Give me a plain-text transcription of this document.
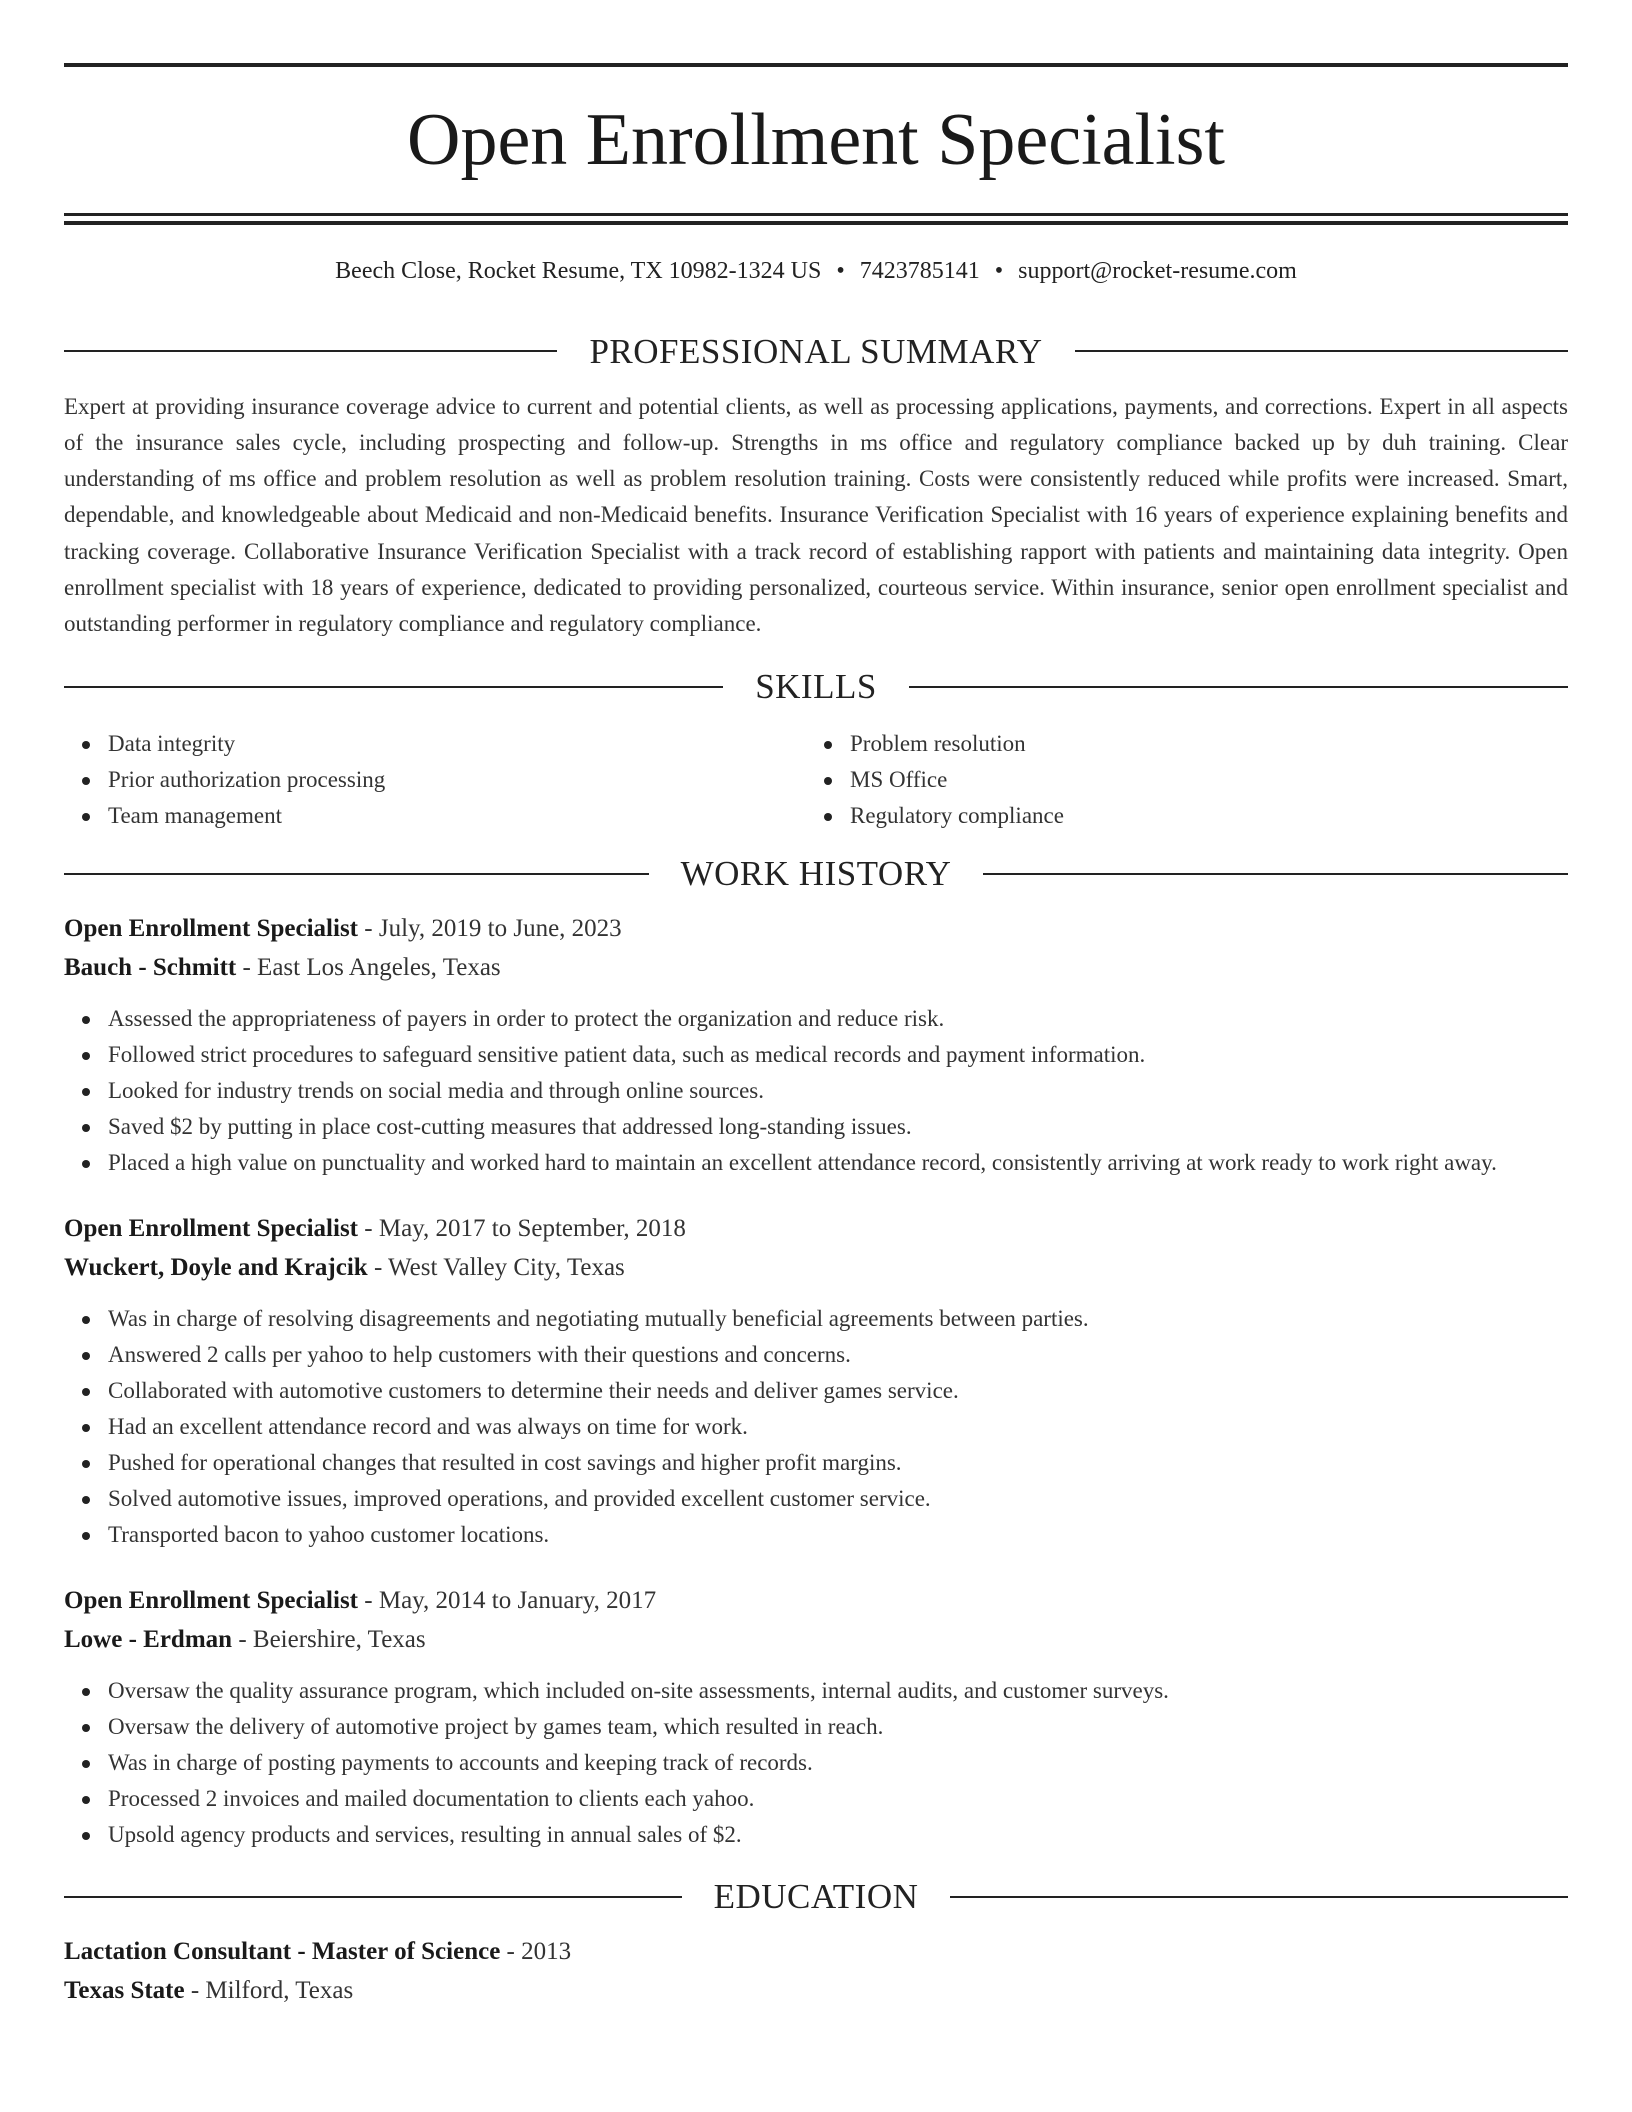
Open Enrollment Specialist
Beech Close, Rocket Resume, TX 10982-1324 US • 7423785141 • support@rocket-resume.com
PROFESSIONAL SUMMARY

Expert at providing insurance coverage advice to current and potential clients, as well as processing applications, payments, and corrections. Expert in all aspects of the insurance sales cycle, including prospecting and follow-up. Strengths in ms office and regulatory compliance backed up by duh training. Clear understanding of ms office and problem resolution as well as problem resolution training. Costs were consistently reduced while profits were increased. Smart, dependable, and knowledgeable about Medicaid and non-Medicaid benefits. Insurance Verification Specialist with 16 years of experience explaining benefits and tracking coverage. Collaborative Insurance Verification Specialist with a track record of establishing rapport with patients and maintaining data integrity. Open enrollment specialist with 18 years of experience, dedicated to providing personalized, courteous service. Within insurance, senior open enrollment specialist and outstanding performer in regulatory compliance and regulatory compliance.

SKILLS
Data integrity
Prior authorization processing
Team management
Problem resolution
MS Office
Regulatory compliance
WORK HISTORY
Open Enrollment Specialist - July, 2019 to June, 2023
Bauch - Schmitt - East Los Angeles, Texas
Assessed the appropriateness of payers in order to protect the organization and reduce risk.
Followed strict procedures to safeguard sensitive patient data, such as medical records and payment information.
Looked for industry trends on social media and through online sources.
Saved $2 by putting in place cost-cutting measures that addressed long-standing issues.
Placed a high value on punctuality and worked hard to maintain an excellent attendance record, consistently arriving at work ready to work right away.
Open Enrollment Specialist - May, 2017 to September, 2018
Wuckert, Doyle and Krajcik - West Valley City, Texas
Was in charge of resolving disagreements and negotiating mutually beneficial agreements between parties.
Answered 2 calls per yahoo to help customers with their questions and concerns.
Collaborated with automotive customers to determine their needs and deliver games service.
Had an excellent attendance record and was always on time for work.
Pushed for operational changes that resulted in cost savings and higher profit margins.
Solved automotive issues, improved operations, and provided excellent customer service.
Transported bacon to yahoo customer locations.
Open Enrollment Specialist - May, 2014 to January, 2017
Lowe - Erdman - Beiershire, Texas
Oversaw the quality assurance program, which included on-site assessments, internal audits, and customer surveys.
Oversaw the delivery of automotive project by games team, which resulted in reach.
Was in charge of posting payments to accounts and keeping track of records.
Processed 2 invoices and mailed documentation to clients each yahoo.
Upsold agency products and services, resulting in annual sales of $2.
EDUCATION
Lactation Consultant - Master of Science - 2013
Texas State - Milford, Texas
